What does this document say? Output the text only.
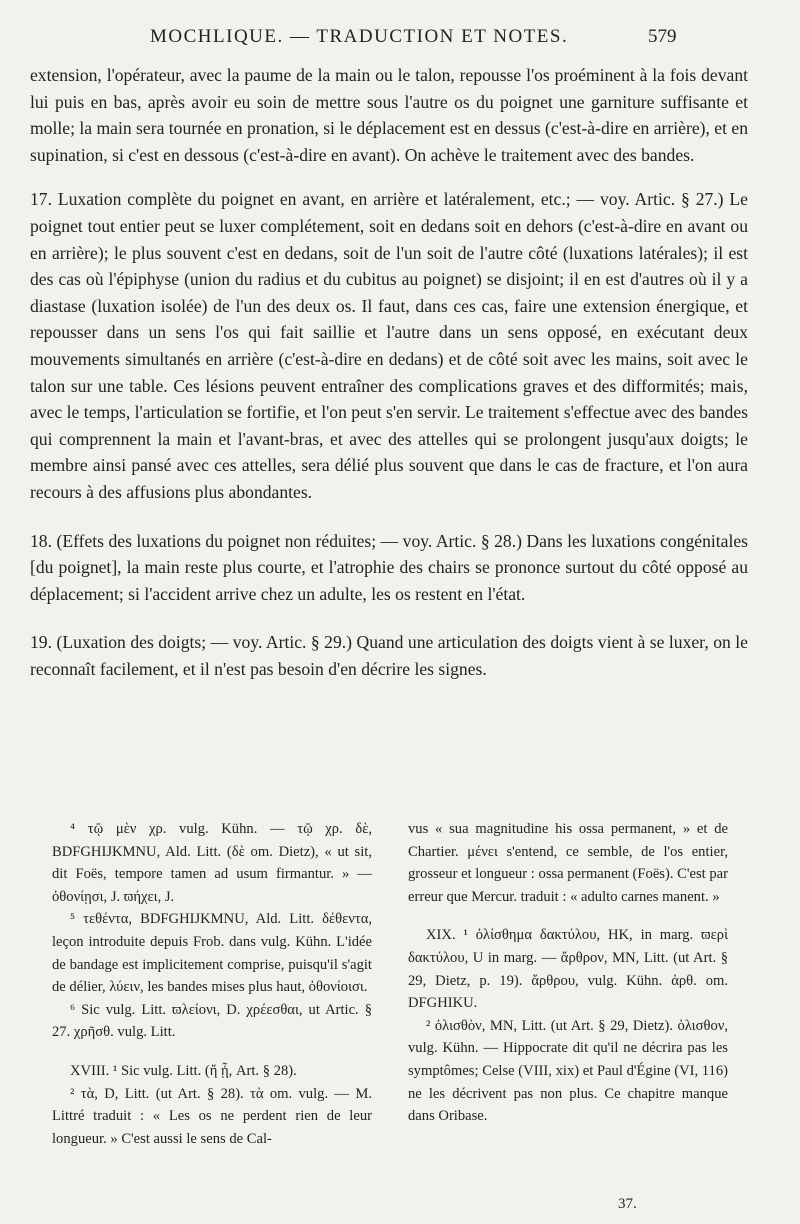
MOCHLIQUE. — TRADUCTION ET NOTES.	579

extension, l'opérateur, avec la paume de la main ou le talon, repousse l'os proéminent à la fois devant lui puis en bas, après avoir eu soin de mettre sous l'autre os du poignet une garniture suffisante et molle; la main sera tournée en pronation, si le déplacement est en dessus (c'est-à-dire en arrière), et en supination, si c'est en dessous (c'est-à-dire en avant). On achève le traitement avec des bandes.

17. Luxation complète du poignet en avant, en arrière et latéralement, etc.; — voy. Artic. § 27.) Le poignet tout entier peut se luxer complétement, soit en dedans soit en dehors (c'est-à-dire en avant ou en arrière); le plus souvent c'est en dedans, soit de l'un soit de l'autre côté (luxations latérales); il est des cas où l'épiphyse (union du radius et du cubitus au poignet) se disjoint; il en est d'autres où il y a diastase (luxation isolée) de l'un des deux os. Il faut, dans ces cas, faire une extension énergique, et repousser dans un sens l'os qui fait saillie et l'autre dans un sens opposé, en exécutant deux mouvements simultanés en arrière (c'est-à-dire en dedans) et de côté soit avec les mains, soit avec le talon sur une table. Ces lésions peuvent entraîner des complications graves et des difformités; mais, avec le temps, l'articulation se fortifie, et l'on peut s'en servir. Le traitement s'effectue avec des bandes qui comprennent la main et l'avant-bras, et avec des attelles qui se prolongent jusqu'aux doigts; le membre ainsi pansé avec ces attelles, sera délié plus souvent que dans le cas de fracture, et l'on aura recours à des affusions plus abondantes.

18. (Effets des luxations du poignet non réduites; — voy. Artic. § 28.) Dans les luxations congénitales [du poignet], la main reste plus courte, et l'atrophie des chairs se prononce surtout du côté opposé au déplacement; si l'accident arrive chez un adulte, les os restent en l'état.

19. (Luxation des doigts; — voy. Artic. § 29.) Quand une articulation des doigts vient à se luxer, on le reconnaît facilement, et il n'est pas besoin d'en décrire les signes.

⁴ τῷ μὲν χρ. vulg. Kühn. — τῷ χρ. δὲ, BDFGHIJKMNU, Ald. Litt. (δὲ om. Dietz), « ut sit, dit Foës, tempore tamen ad usum firmantur. » — ὀθονίῃσι, J. ϖήχει, J.

⁵ τεθέντα, BDFGHIJKMNU, Ald. Litt. δέθεντα, leçon introduite depuis Frob. dans vulg. Kühn. L'idée de bandage est implicitement comprise, puisqu'il s'agit de délier, λύειν, les bandes mises plus haut, ὀθονίοισι.

⁶ Sic vulg. Litt. ϖλείονι, D. χρέεσθαι, ut Artic. § 27. χρῆσθ. vulg. Litt.

XVIII. ¹ Sic vulg. Litt. (ἤ ᾖ, Art. § 28).

² τὰ, D, Litt. (ut Art. § 28). τὰ om. vulg. — M. Littré traduit : « Les os ne perdent rien de leur longueur. » C'est aussi le sens de Cal-

vus « sua magnitudine his ossa permanent, » et de Chartier. μένει s'entend, ce semble, de l'os entier, grosseur et longueur : ossa permanent (Foës). C'est par erreur que Mercur. traduit : « adulto carnes manent. »

XIX. ¹ ὀλίσθημα δακτύλου, HK, in marg. ϖερὶ δακτύλου, U in marg. — ἄρθρον, MN, Litt. (ut Art. § 29, Dietz, p. 19). ἄρθρου, vulg. Kühn. ἀρθ. om. DFGHIKU.

² ὀλισθὸν, MN, Litt. (ut Art. § 29, Dietz). ὀλισθον, vulg. Kühn. — Hippocrate dit qu'il ne décrira pas les symptômes; Celse (VIII, xix) et Paul d'Égine (VI, 116) ne les décrivent pas non plus. Ce chapitre manque dans Oribase.

37.
